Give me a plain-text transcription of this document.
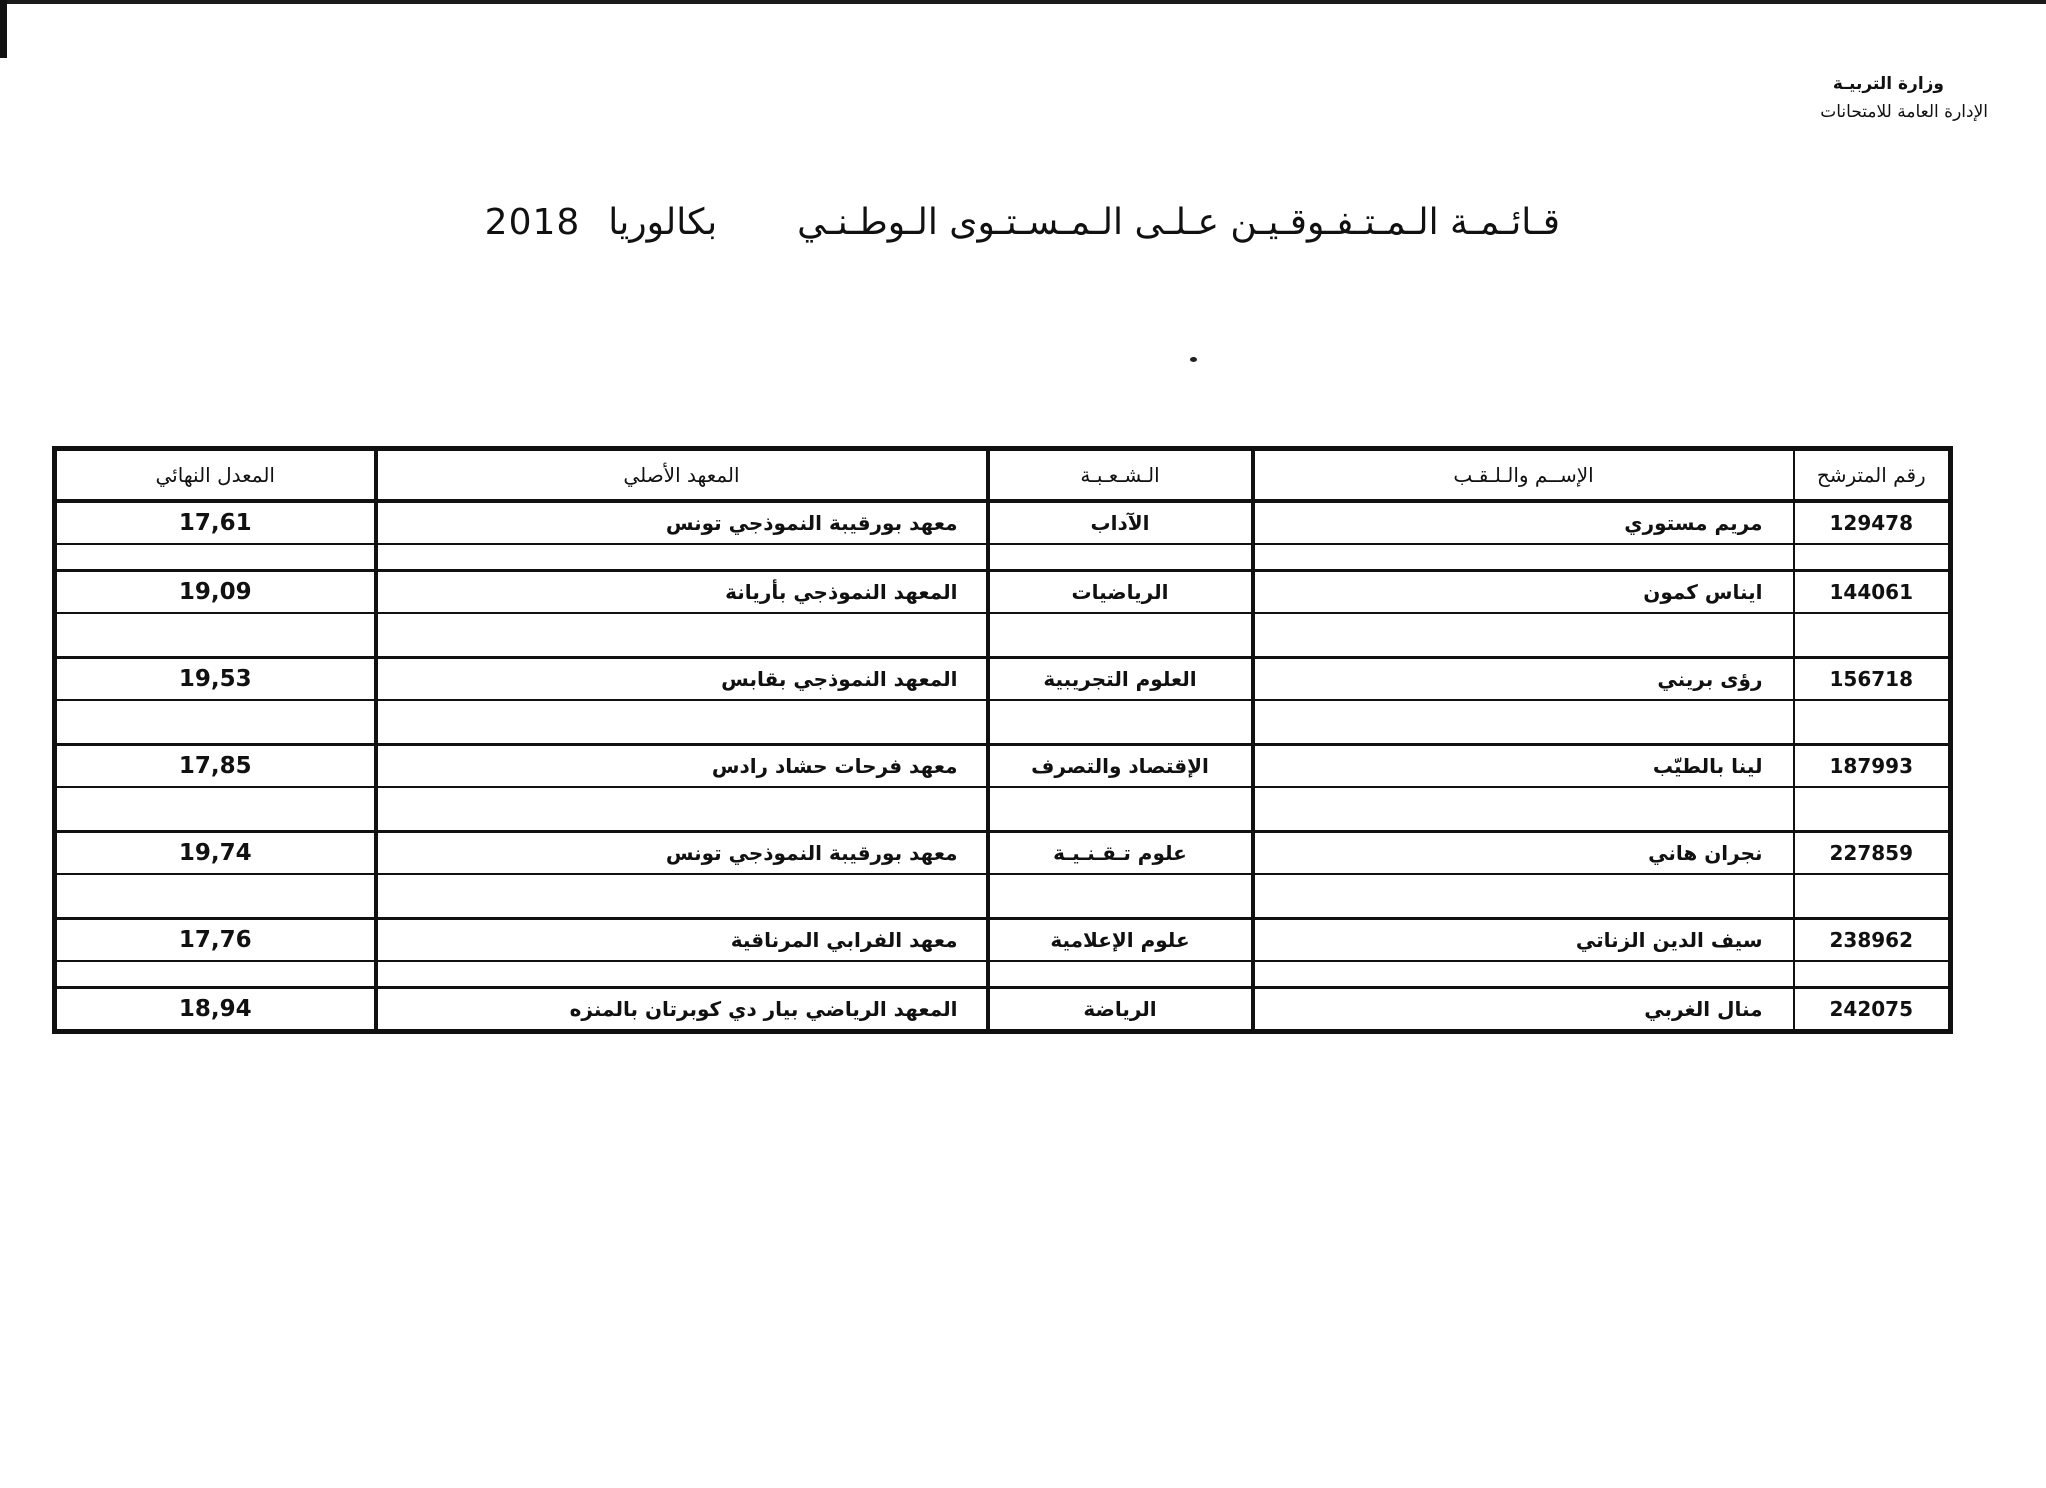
وزارة التربيـة
الإدارة العامة للامتحانات
قـائـمـة الـمـتـفـوقـيـن عـلـى الـمـسـتـوى الـوطـنـي
بكالوريا
2018
رقم المترشح	الإســم والـلـقـب	الـشـعـبـة	المعهد الأصلي	المعدل النهائي
129478	مريم مستوري	الآداب	معهد بورقيبة النموذجي تونس	17,61

144061	ايناس كمون	الرياضيات	المعهد النموذجي بأريانة	19,09

156718	رؤى بريني	العلوم التجريبية	المعهد النموذجي بقابس	19,53

187993	لينا بالطيّب	الإقتصاد والتصرف	معهد فرحات حشاد رادس	17,85

227859	نجران هاني	علوم تـقـنـيـة	معهد بورقيبة النموذجي تونس	19,74

238962	سيف الدين الزناتي	علوم الإعلامية	معهد الفرابي المرناقية	17,76

242075	منال الغربي	الرياضة	المعهد الرياضي بيار دي كوبرتان بالمنزه	18,94
